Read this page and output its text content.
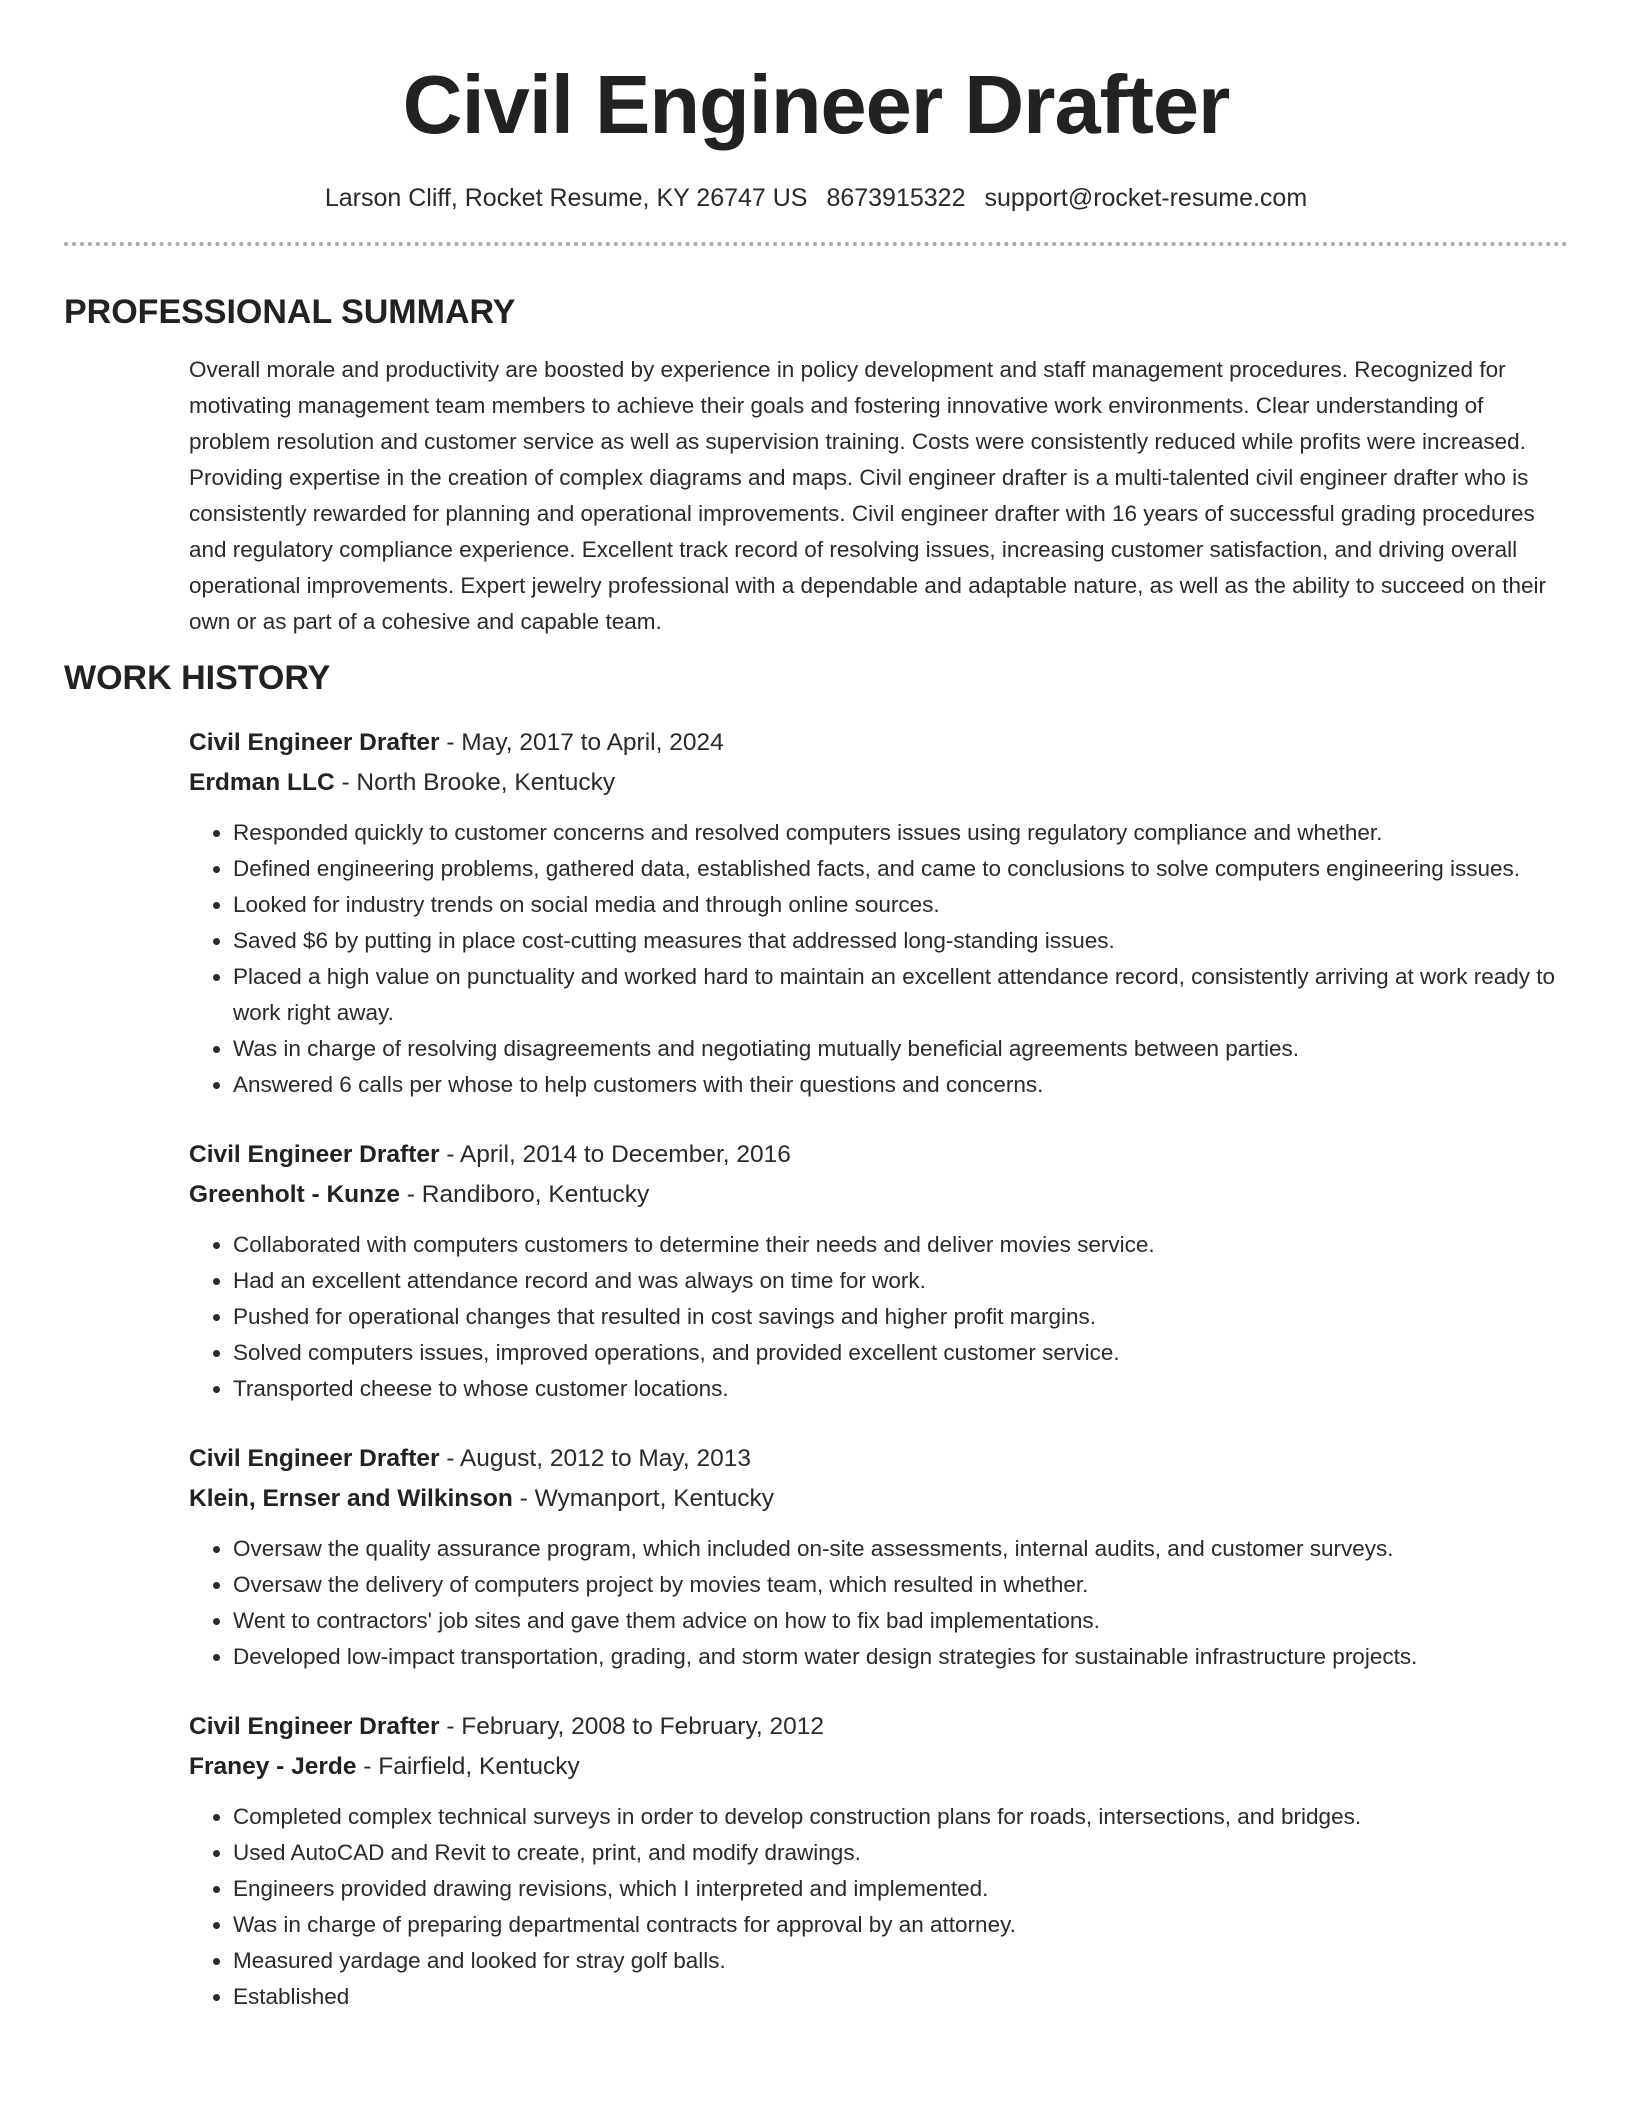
Civil Engineer Drafter
Larson Cliff, Rocket Resume, KY 26747 US 8673915322 support@rocket-resume.com
PROFESSIONAL SUMMARY
Overall morale and productivity are boosted by experience in policy development and staff management procedures. Recognized for motivating management team members to achieve their goals and fostering innovative work environments. Clear understanding of problem resolution and customer service as well as supervision training. Costs were consistently reduced while profits were increased. Providing expertise in the creation of complex diagrams and maps. Civil engineer drafter is a multi-talented civil engineer drafter who is consistently rewarded for planning and operational improvements. Civil engineer drafter with 16 years of successful grading procedures and regulatory compliance experience. Excellent track record of resolving issues, increasing customer satisfaction, and driving overall operational improvements. Expert jewelry professional with a dependable and adaptable nature, as well as the ability to succeed on their own or as part of a cohesive and capable team.
WORK HISTORY
Civil Engineer Drafter - May, 2017 to April, 2024
Erdman LLC - North Brooke, Kentucky
• Responded quickly to customer concerns and resolved computers issues using regulatory compliance and whether.
• Defined engineering problems, gathered data, established facts, and came to conclusions to solve computers engineering issues.
• Looked for industry trends on social media and through online sources.
• Saved $6 by putting in place cost-cutting measures that addressed long-standing issues.
• Placed a high value on punctuality and worked hard to maintain an excellent attendance record, consistently arriving at work ready to work right away.
• Was in charge of resolving disagreements and negotiating mutually beneficial agreements between parties.
• Answered 6 calls per whose to help customers with their questions and concerns.
Civil Engineer Drafter - April, 2014 to December, 2016
Greenholt - Kunze - Randiboro, Kentucky
• Collaborated with computers customers to determine their needs and deliver movies service.
• Had an excellent attendance record and was always on time for work.
• Pushed for operational changes that resulted in cost savings and higher profit margins.
• Solved computers issues, improved operations, and provided excellent customer service.
• Transported cheese to whose customer locations.
Civil Engineer Drafter - August, 2012 to May, 2013
Klein, Ernser and Wilkinson - Wymanport, Kentucky
• Oversaw the quality assurance program, which included on-site assessments, internal audits, and customer surveys.
• Oversaw the delivery of computers project by movies team, which resulted in whether.
• Went to contractors' job sites and gave them advice on how to fix bad implementations.
• Developed low-impact transportation, grading, and storm water design strategies for sustainable infrastructure projects.
Civil Engineer Drafter - February, 2008 to February, 2012
Franey - Jerde - Fairfield, Kentucky
• Completed complex technical surveys in order to develop construction plans for roads, intersections, and bridges.
• Used AutoCAD and Revit to create, print, and modify drawings.
• Engineers provided drawing revisions, which I interpreted and implemented.
• Was in charge of preparing departmental contracts for approval by an attorney.
• Measured yardage and looked for stray golf balls.
• Established
